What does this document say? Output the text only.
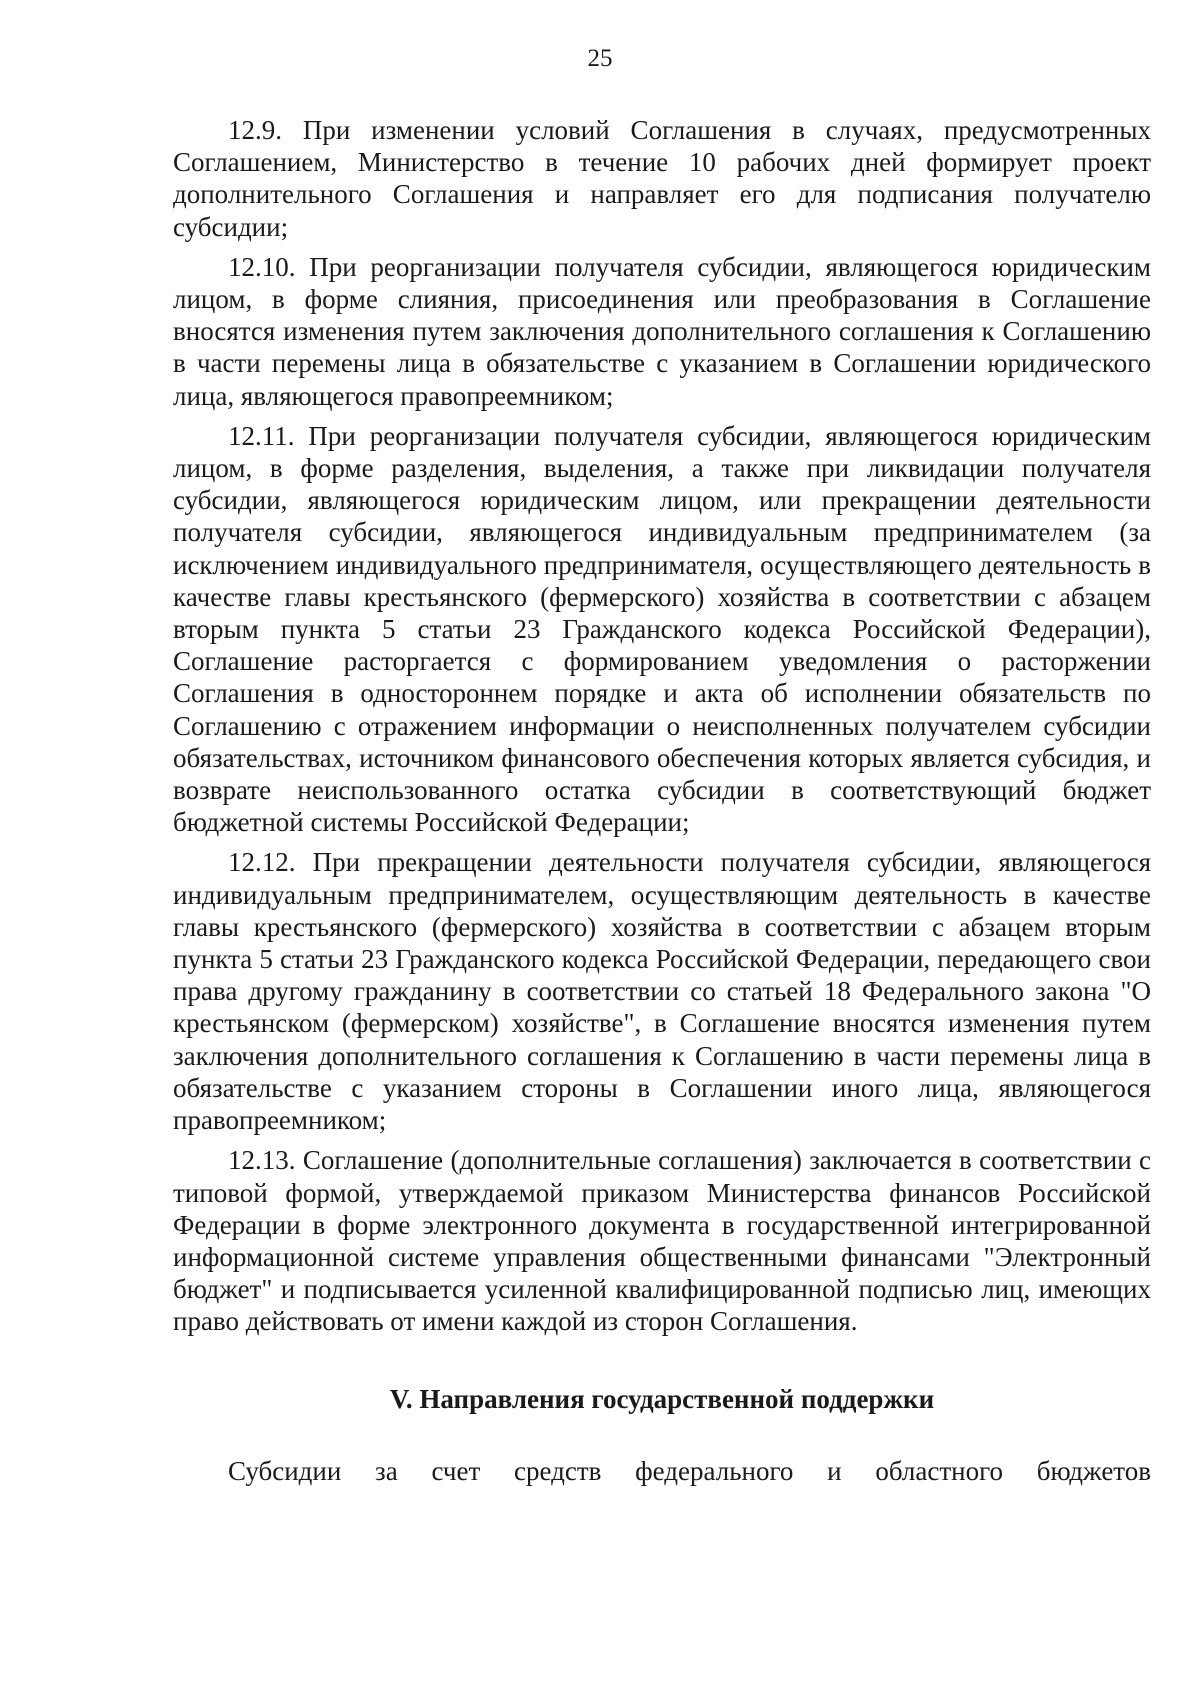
25

12.9. При изменении условий Соглашения в случаях, предусмотренных Соглашением, Министерство в течение 10 рабочих дней формирует проект дополнительного Соглашения и направляет его для подписания получателю субсидии;

12.10. При реорганизации получателя субсидии, являющегося юридическим лицом, в форме слияния, присоединения или преобразования в Соглашение вносятся изменения путем заключения дополнительного соглашения к Соглашению в части перемены лица в обязательстве с указанием в Соглашении юридического лица, являющегося правопреемником;

12.11. При реорганизации получателя субсидии, являющегося юридическим лицом, в форме разделения, выделения, а также при ликвидации получателя субсидии, являющегося юридическим лицом, или прекращении деятельности получателя субсидии, являющегося индивидуальным предпринимателем (за исключением индивидуального предпринимателя, осуществляющего деятельность в качестве главы крестьянского (фермерского) хозяйства в соответствии с абзацем вторым пункта 5 статьи 23 Гражданского кодекса Российской Федерации), Соглашение расторгается с формированием уведомления о расторжении Соглашения в одностороннем порядке и акта об исполнении обязательств по Соглашению с отражением информации о неисполненных получателем субсидии обязательствах, источником финансового обеспечения которых является субсидия, и возврате неиспользованного остатка субсидии в соответствующий бюджет бюджетной системы Российской Федерации;

12.12. При прекращении деятельности получателя субсидии, являющегося индивидуальным предпринимателем, осуществляющим деятельность в качестве главы крестьянского (фермерского) хозяйства в соответствии с абзацем вторым пункта 5 статьи 23 Гражданского кодекса Российской Федерации, передающего свои права другому гражданину в соответствии со статьей 18 Федерального закона "О крестьянском (фермерском) хозяйстве", в Соглашение вносятся изменения путем заключения дополнительного соглашения к Соглашению в части перемены лица в обязательстве с указанием стороны в Соглашении иного лица, являющегося правопреемником;

12.13. Соглашение (дополнительные соглашения) заключается в соответствии с типовой формой, утверждаемой приказом Министерства финансов Российской Федерации в форме электронного документа в государственной интегрированной информационной системе управления общественными финансами "Электронный бюджет" и подписывается усиленной квалифицированной подписью лиц, имеющих право действовать от имени каждой из сторон Соглашения.

V. Направления государственной поддержки

Субсидии за счет средств федерального и областного бюджетов
